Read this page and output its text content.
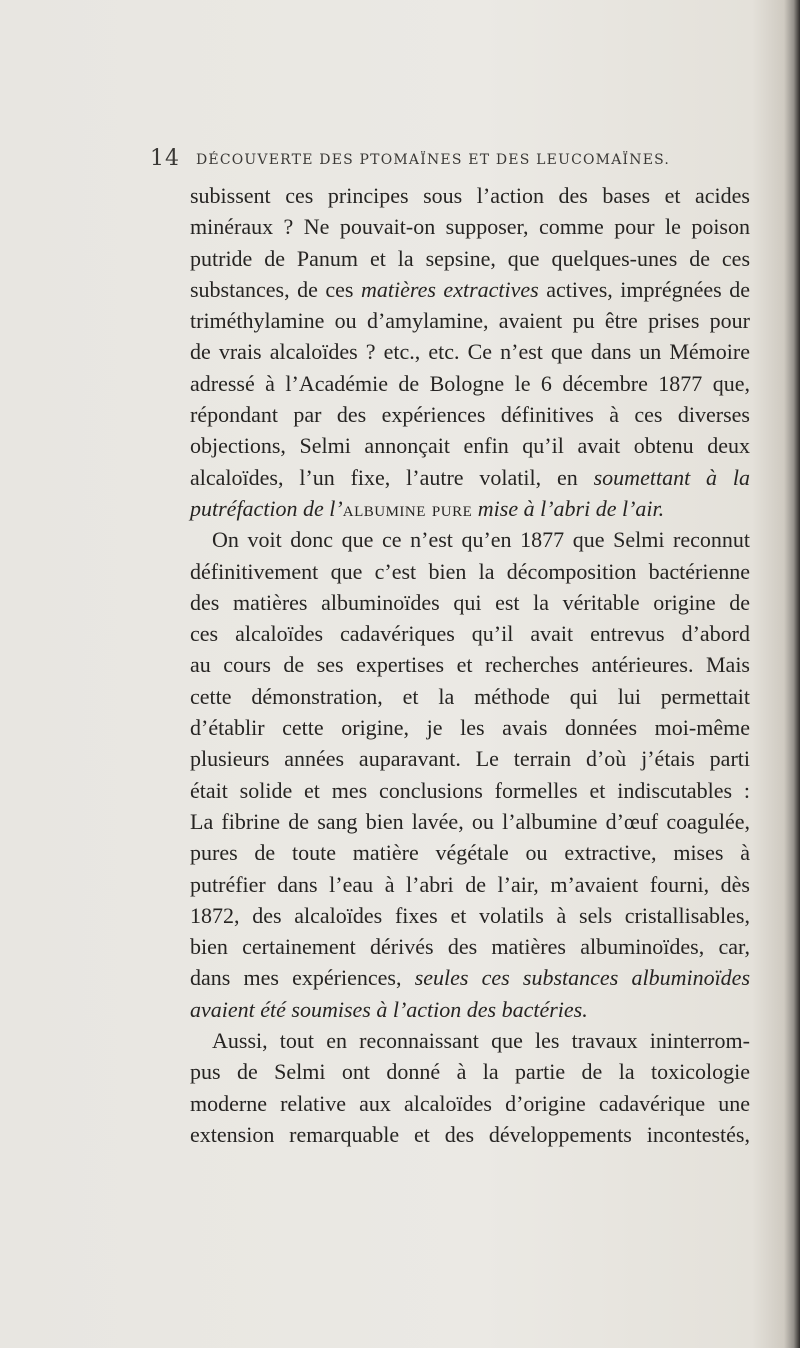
14 DÉCOUVERTE DES PTOMAÏNES ET DES LEUCOMAÏNES.
subissent ces principes sous l’action des bases et acides
minéraux ? Ne pouvait-on supposer, comme pour le poison
putride de Panum et la sepsine, que quelques-unes de ces
substances, de ces matières extractives actives, imprégnées de
triméthylamine ou d’amylamine, avaient pu être prises pour
de vrais alcaloïdes ? etc., etc. Ce n’est que dans un Mémoire
adressé à l’Académie de Bologne le 6 décembre 1877 que,
répondant par des expériences définitives à ces diverses
objections, Selmi annonçait enfin qu’il avait obtenu deux
alcaloïdes, l’un fixe, l’autre volatil, en soumettant à la
putréfaction de l’albumine pure mise à l’abri de l’air.
On voit donc que ce n’est qu’en 1877 que Selmi reconnut
définitivement que c’est bien la décomposition bactérienne
des matières albuminoïdes qui est la véritable origine de
ces alcaloïdes cadavériques qu’il avait entrevus d’abord
au cours de ses expertises et recherches antérieures. Mais
cette démonstration, et la méthode qui lui permettait
d’établir cette origine, je les avais données moi-même
plusieurs années auparavant. Le terrain d’où j’étais parti
était solide et mes conclusions formelles et indiscutables :
La fibrine de sang bien lavée, ou l’albumine d’œuf coagulée,
pures de toute matière végétale ou extractive, mises à
putréfier dans l’eau à l’abri de l’air, m’avaient fourni, dès
1872, des alcaloïdes fixes et volatils à sels cristallisables,
bien certainement dérivés des matières albuminoïdes, car,
dans mes expériences, seules ces substances albuminoïdes
avaient été soumises à l’action des bactéries.
Aussi, tout en reconnaissant que les travaux ininterrom-
pus de Selmi ont donné à la partie de la toxicologie
moderne relative aux alcaloïdes d’origine cadavérique une
extension remarquable et des développements incontestés,
